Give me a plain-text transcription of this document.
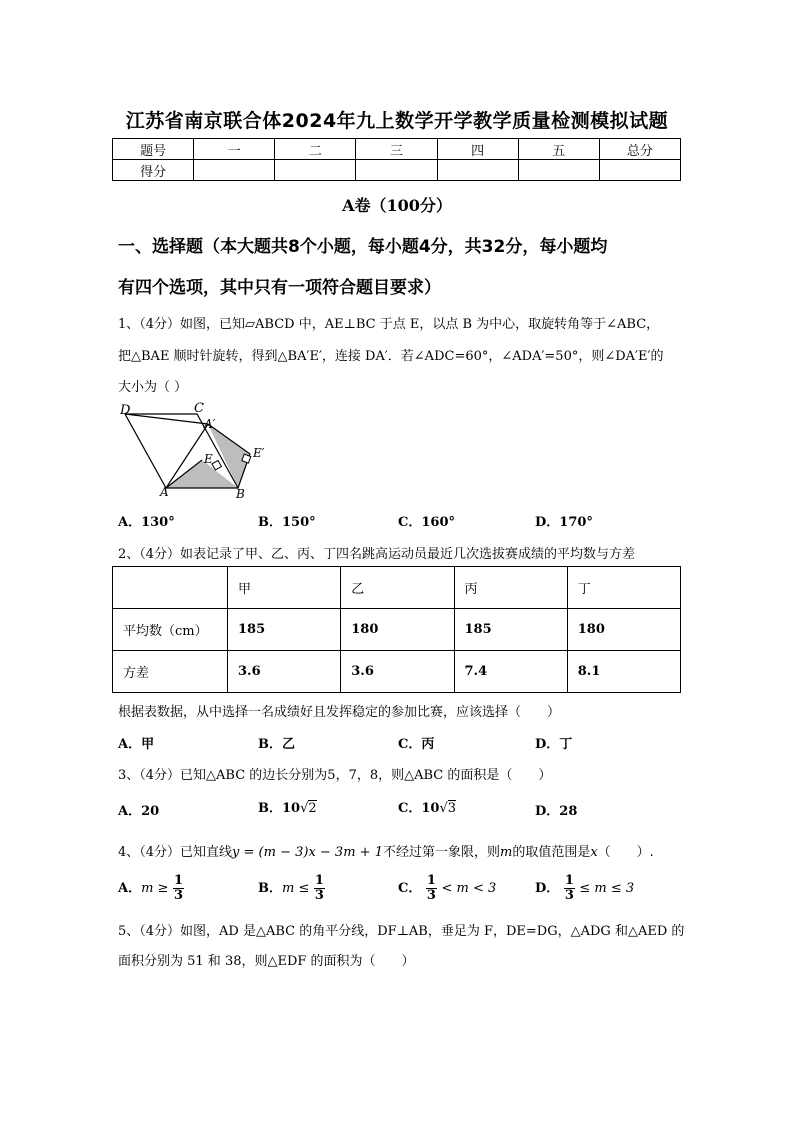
江苏省南京联合体2024年九上数学开学教学质量检测模拟试题
题号	一	二	三	四	五	总分
得分						
A卷（100分）
一、选择题（本大题共8个小题，每小题4分，共32分，每小题均
有四个选项，其中只有一项符合题目要求）
1、（4分）如图，已知▱ABCD 中，AE⊥BC 于点 E，以点 B 为中心，取旋转角等于∠ABC，
把△BAE 顺时针旋转，得到△BA′E′，连接 DA′．若∠ADC=60°，∠ADA′=50°，则∠DA′E′的
大小为（ ）
D	C
A′
E′
E
A	B
A．130°	B．150°	C．160°	D．170°
2、（4分）如表记录了甲、乙、丙、丁四名跳高运动员最近几次选拔赛成绩的平均数与方差
	甲	乙	丙	丁
平均数（cm）	185	180	185	180
方差	3.6	3.6	7.4	8.1
根据表数据，从中选择一名成绩好且发挥稳定的参加比赛，应该选择（　　）
A．甲	B．乙	C．丙	D．丁
3、（4分）已知△ABC 的边长分别为5，7，8，则△ABC 的面积是（　　）
A．20	B．10√2	C．10√3	D．28
4、（4分）已知直线y = (m − 3)x − 3m + 1不经过第一象限，则m的取值范围是x（　　）.
A．$m \ge \frac{1}{3}$	B．$m \le \frac{1}{3}$	C． $\frac{1}{3} < m < 3$	D． $\frac{1}{3} \le m \le 3$
5、（4分）如图，AD 是△ABC 的角平分线，DF⊥AB，垂足为 F，DE=DG，△ADG 和△AED 的
面积分别为 51 和 38，则△EDF 的面积为（　　）
